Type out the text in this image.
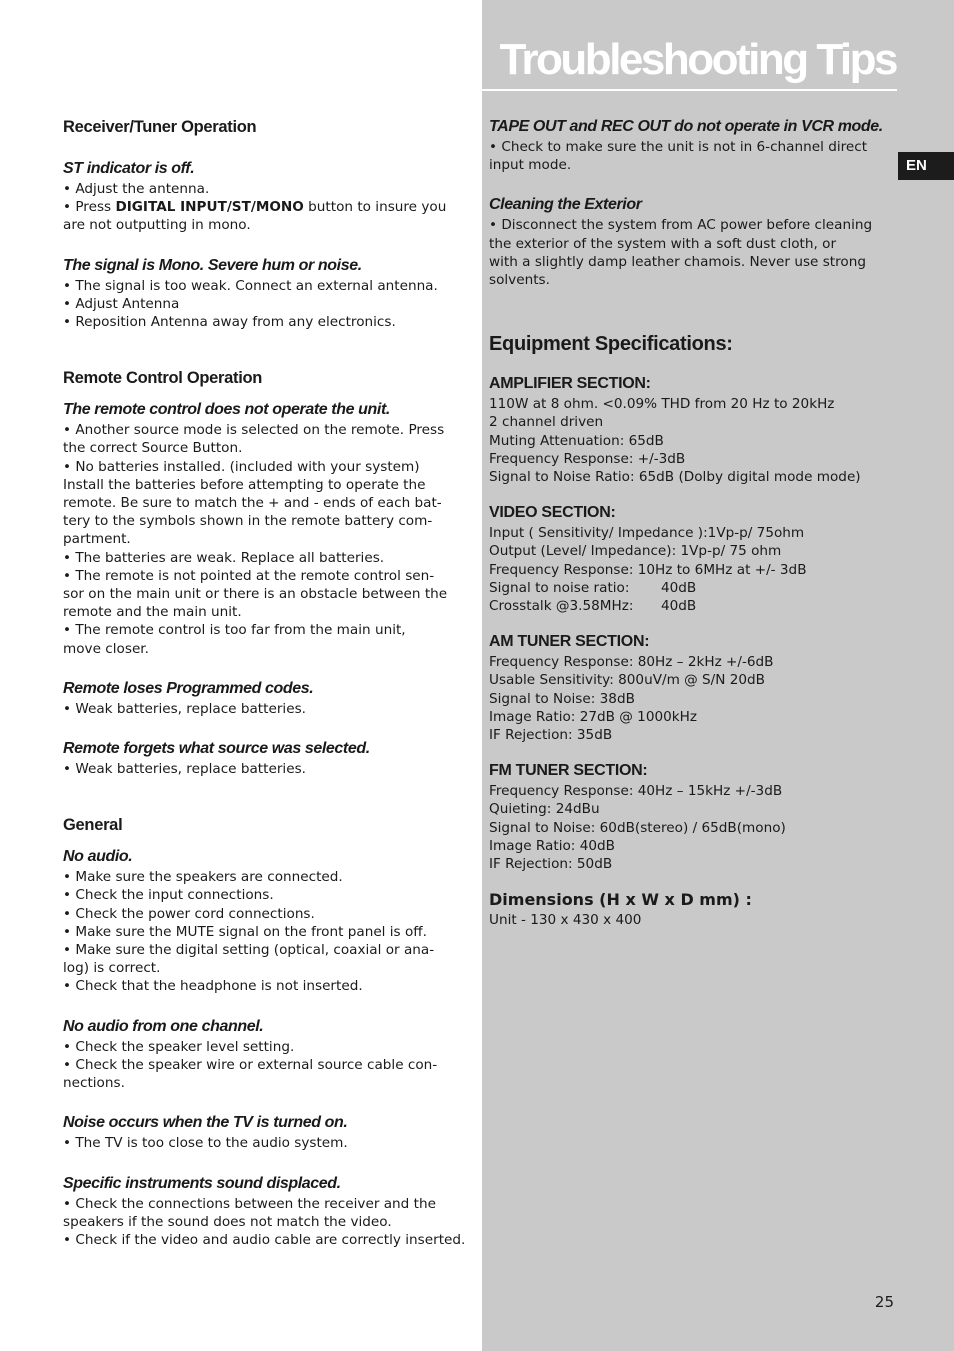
Troubleshooting Tips
EN
Receiver/Tuner Operation
ST indicator is off.
• Adjust the antenna.
• Press DIGITAL INPUT/ST/MONO button to insure you
are not outputting in mono.
The signal is Mono. Severe hum or noise.
• The signal is too weak. Connect an external antenna.
• Adjust Antenna
• Reposition Antenna away from any electronics.
Remote Control Operation
The remote control does not operate the unit.
• Another source mode is selected on the remote. Press
the correct Source Button.
• No batteries installed. (included with your system)
Install the batteries before attempting to operate the
remote. Be sure to match the + and - ends of each bat-
tery to the symbols shown in the remote battery com-
partment.
• The batteries are weak. Replace all batteries.
• The remote is not pointed at the remote control sen-
sor on the main unit or there is an obstacle between the
remote and the main unit.
• The remote control is too far from the main unit,
move closer.
Remote loses Programmed codes.
• Weak batteries, replace batteries.
Remote forgets what source was selected.
• Weak batteries, replace batteries.
General
No audio.
• Make sure the speakers are connected.
• Check the input connections.
• Check the power cord connections.
• Make sure the MUTE signal on the front panel is off.
• Make sure the digital setting (optical, coaxial or ana-
log) is correct.
• Check that the headphone is not inserted.
No audio from one channel.
• Check the speaker level setting.
• Check the speaker wire or external source cable con-
nections.
Noise occurs when the TV is turned on.
• The TV is too close to the audio system.
Specific instruments sound displaced.
• Check the connections between the receiver and the
speakers if the sound does not match the video.
• Check if the video and audio cable are correctly inserted.
TAPE OUT and REC OUT do not operate in VCR mode.
• Check to make sure the unit is not in 6-channel direct
input mode.
Cleaning the Exterior
• Disconnect the system from AC power before cleaning
the exterior of the system with a soft dust cloth, or
with a slightly damp leather chamois. Never use strong
solvents.
Equipment Specifications:
AMPLIFIER SECTION:
110W at 8 ohm. <0.09% THD from 20 Hz to 20kHz
2 channel driven
Muting Attenuation: 65dB
Frequency Response: +/-3dB
Signal to Noise Ratio: 65dB (Dolby digital mode mode)
VIDEO SECTION:
Input ( Sensitivity/ Impedance ):1Vp-p/ 75ohm
Output (Level/ Impedance): 1Vp-p/ 75 ohm
Frequency Response: 10Hz to 6MHz at +/- 3dB
Signal to noise ratio: 40dB
Crosstalk @3.58MHz: 40dB
AM TUNER SECTION:
Frequency Response: 80Hz – 2kHz +/-6dB
Usable Sensitivity: 800uV/m @ S/N 20dB
Signal to Noise: 38dB
Image Ratio: 27dB @ 1000kHz
IF Rejection: 35dB
FM TUNER SECTION:
Frequency Response: 40Hz – 15kHz +/-3dB
Quieting: 24dBu
Signal to Noise: 60dB(stereo) / 65dB(mono)
Image Ratio: 40dB
IF Rejection: 50dB
Dimensions (H x W x D mm) :
Unit - 130 x 430 x 400
25
